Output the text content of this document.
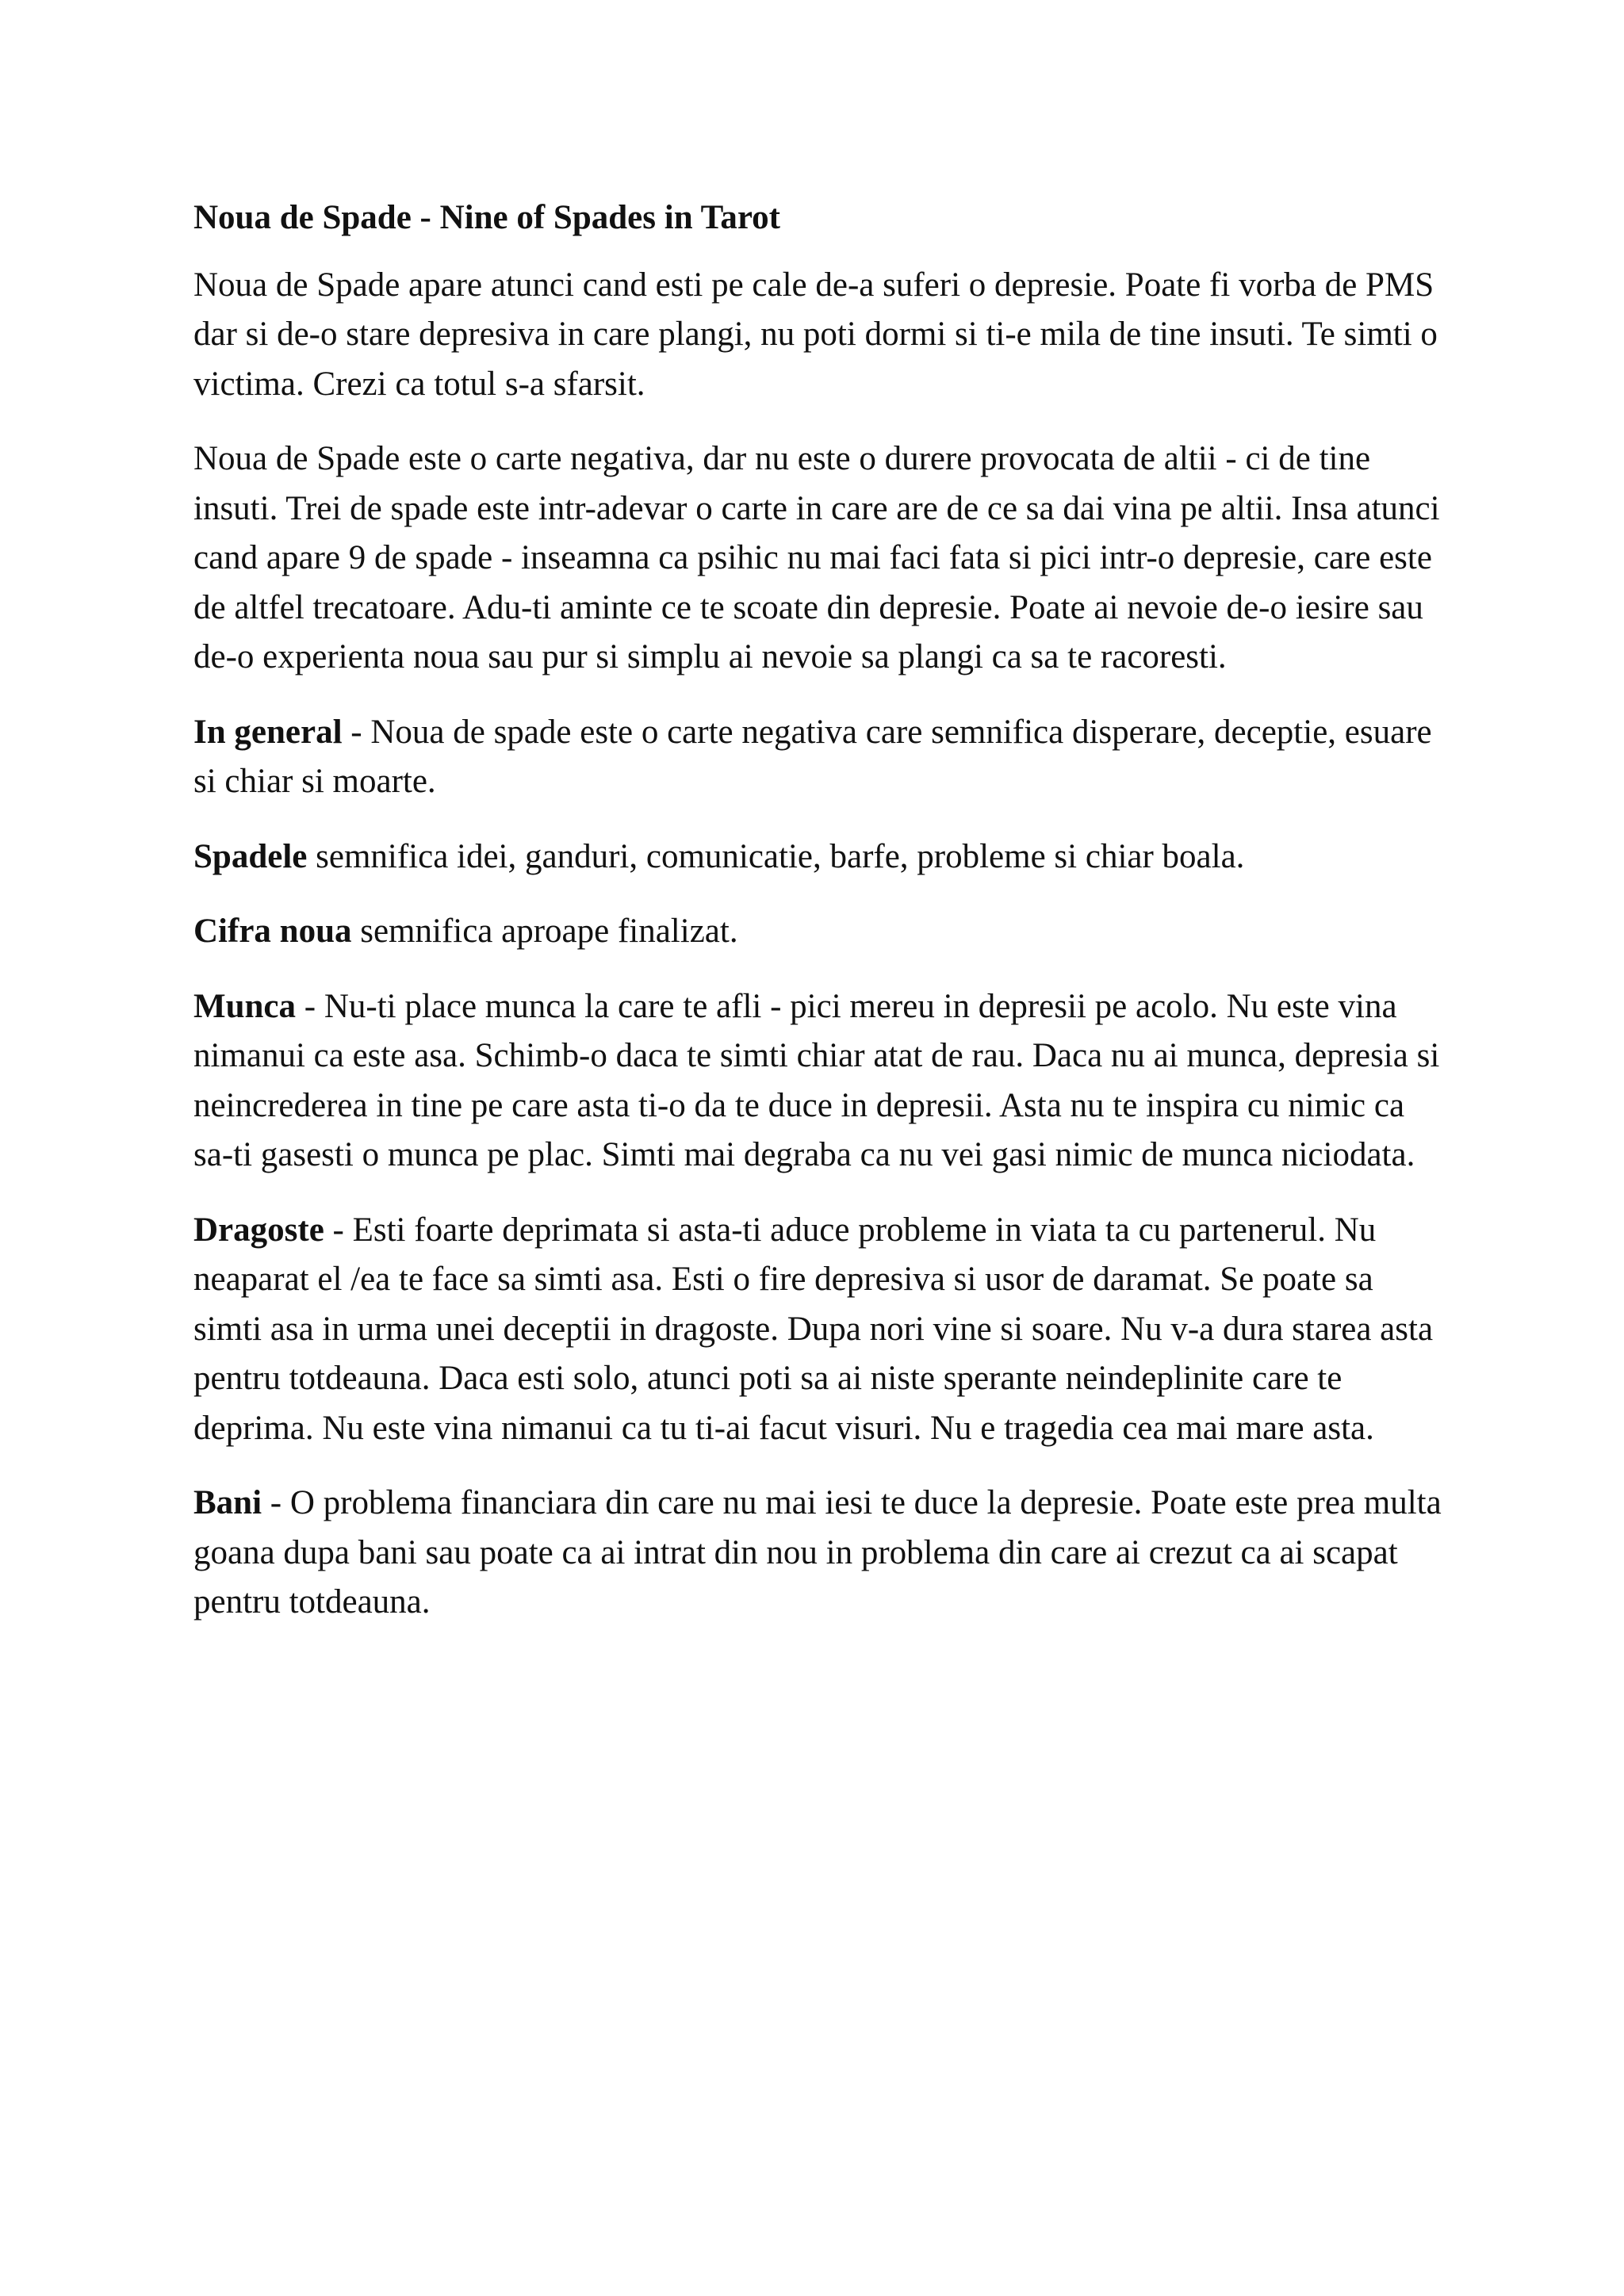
Noua de Spade - Nine of Spades in Tarot

Noua de Spade apare atunci cand esti pe cale de-a suferi o depresie. Poate fi vorba de PMS dar si de-o stare depresiva in care plangi, nu poti dormi si ti-e mila de tine insuti. Te simti o victima. Crezi ca totul s-a sfarsit.

Noua de Spade este o carte negativa, dar nu este o durere provocata de altii - ci de tine insuti. Trei de spade este intr-adevar o carte in care are de ce sa dai vina pe altii. Insa atunci cand apare 9 de spade - inseamna ca psihic nu mai faci fata si pici intr-o depresie, care este de altfel trecatoare. Adu-ti aminte ce te scoate din depresie. Poate ai nevoie de-o iesire sau de-o experienta noua sau pur si simplu ai nevoie sa plangi ca sa te racoresti.

In general - Noua de spade este o carte negativa care semnifica disperare, deceptie, esuare si chiar si moarte.

Spadele semnifica idei, ganduri, comunicatie, barfe, probleme si chiar boala.

Cifra noua semnifica aproape finalizat.

Munca - Nu-ti place munca la care te afli - pici mereu in depresii pe acolo. Nu este vina nimanui ca este asa. Schimb-o daca te simti chiar atat de rau. Daca nu ai munca, depresia si neincrederea in tine pe care asta ti-o da te duce in depresii. Asta nu te inspira cu nimic ca sa-ti gasesti o munca pe plac. Simti mai degraba ca nu vei gasi nimic de munca niciodata.

Dragoste - Esti foarte deprimata si asta-ti aduce probleme in viata ta cu partenerul. Nu neaparat el /ea te face sa simti asa. Esti o fire depresiva si usor de daramat. Se poate sa simti asa in urma unei deceptii in dragoste. Dupa nori vine si soare. Nu v-a dura starea asta pentru totdeauna. Daca esti solo, atunci poti sa ai niste sperante neindeplinite care te deprima. Nu este vina nimanui ca tu ti-ai facut visuri. Nu e tragedia cea mai mare asta.

Bani - O problema financiara din care nu mai iesi te duce la depresie. Poate este prea multa goana dupa bani sau poate ca ai intrat din nou in problema din care ai crezut ca ai scapat pentru totdeauna.
